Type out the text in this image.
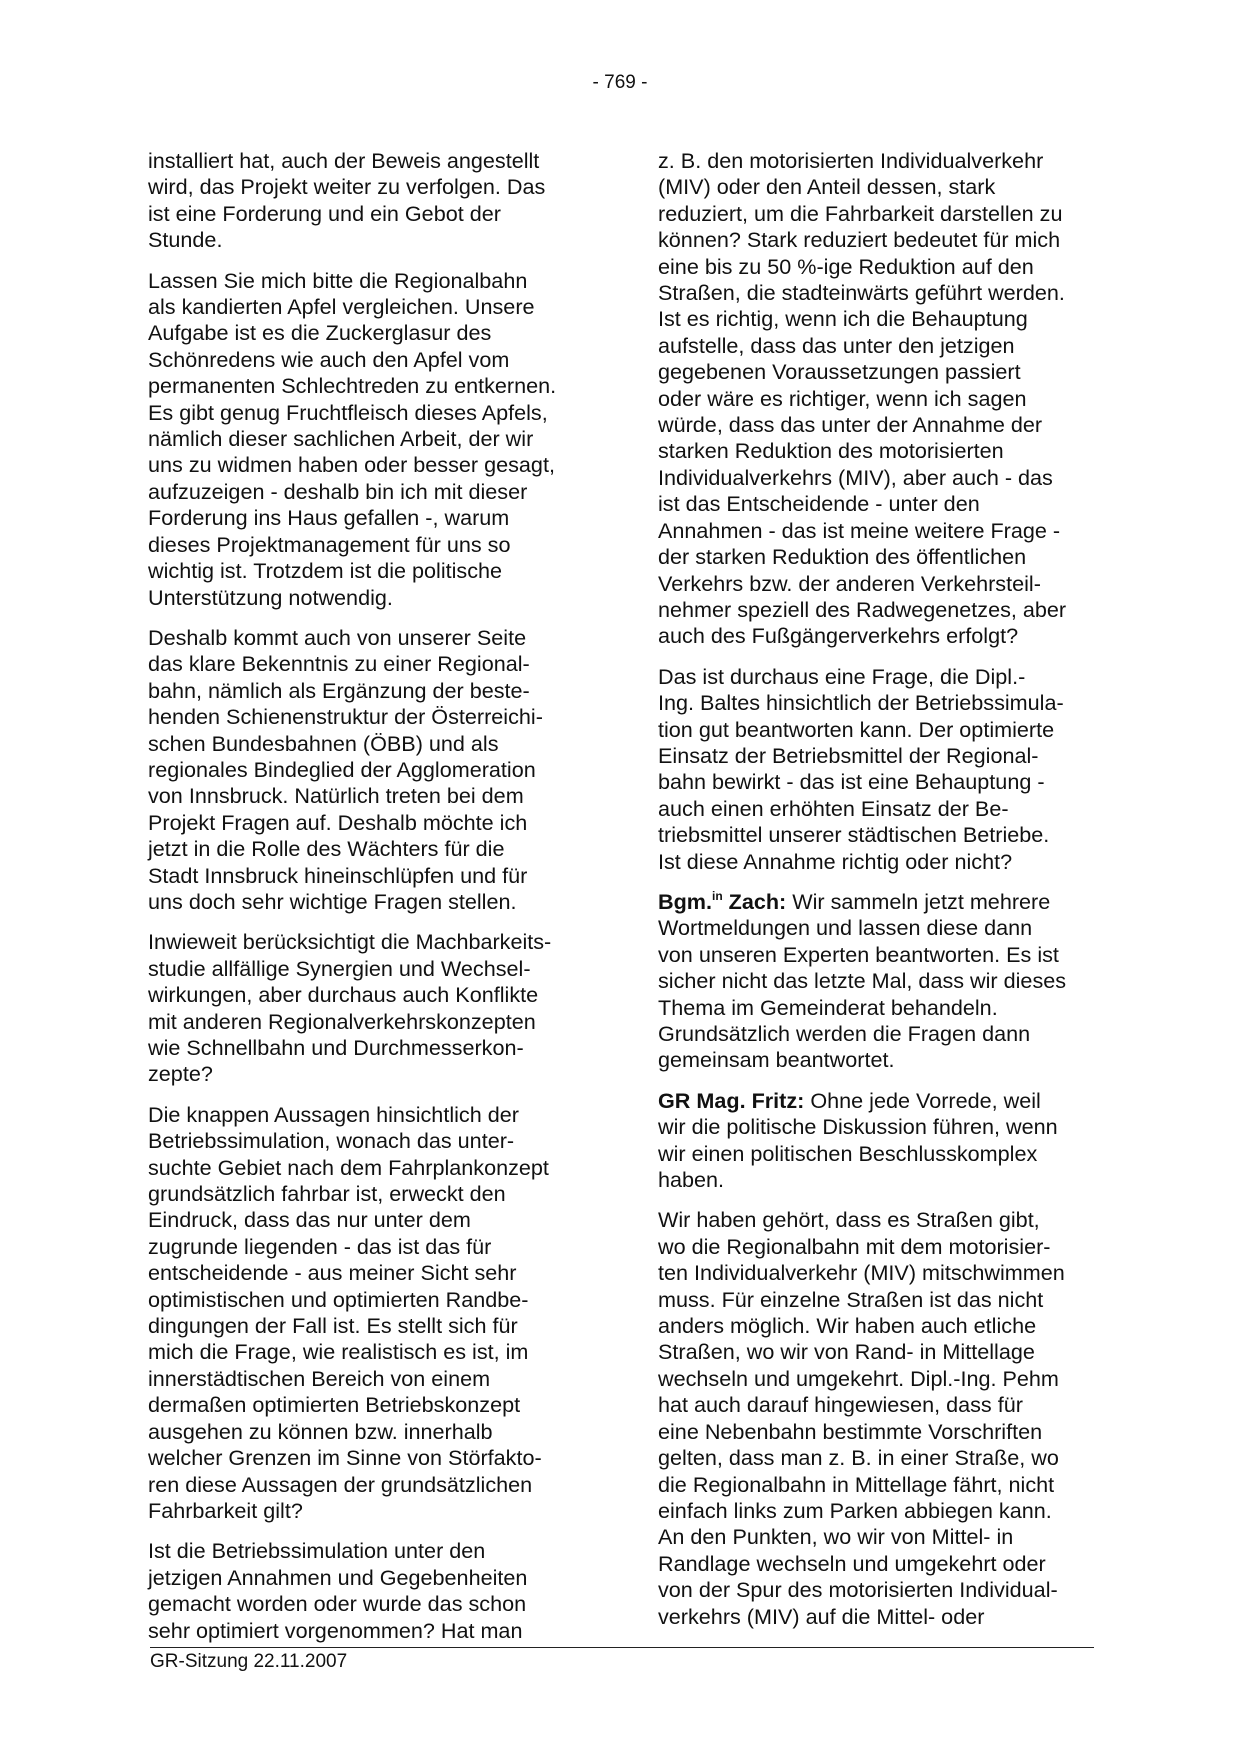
- 769 -

installiert hat, auch der Beweis angestellt
wird, das Projekt weiter zu verfolgen. Das
ist eine Forderung und ein Gebot der
Stunde.

Lassen Sie mich bitte die Regionalbahn
als kandierten Apfel vergleichen. Unsere
Aufgabe ist es die Zuckerglasur des
Schönredens wie auch den Apfel vom
permanenten Schlechtreden zu entkernen.
Es gibt genug Fruchtfleisch dieses Apfels,
nämlich dieser sachlichen Arbeit, der wir
uns zu widmen haben oder besser gesagt,
aufzuzeigen - deshalb bin ich mit dieser
Forderung ins Haus gefallen -, warum
dieses Projektmanagement für uns so
wichtig ist. Trotzdem ist die politische
Unterstützung notwendig.

Deshalb kommt auch von unserer Seite
das klare Bekenntnis zu einer Regional-
bahn, nämlich als Ergänzung der beste-
henden Schienenstruktur der Österreichi-
schen Bundesbahnen (ÖBB) und als
regionales Bindeglied der Agglomeration
von Innsbruck. Natürlich treten bei dem
Projekt Fragen auf. Deshalb möchte ich
jetzt in die Rolle des Wächters für die
Stadt Innsbruck hineinschlüpfen und für
uns doch sehr wichtige Fragen stellen.

Inwieweit berücksichtigt die Machbarkeits-
studie allfällige Synergien und Wechsel-
wirkungen, aber durchaus auch Konflikte
mit anderen Regionalverkehrskonzepten
wie Schnellbahn und Durchmesserkon-
zepte?

Die knappen Aussagen hinsichtlich der
Betriebssimulation, wonach das unter-
suchte Gebiet nach dem Fahrplankonzept
grundsätzlich fahrbar ist, erweckt den
Eindruck, dass das nur unter dem
zugrunde liegenden - das ist das für
entscheidende - aus meiner Sicht sehr
optimistischen und optimierten Randbe-
dingungen der Fall ist. Es stellt sich für
mich die Frage, wie realistisch es ist, im
innerstädtischen Bereich von einem
dermaßen optimierten Betriebskonzept
ausgehen zu können bzw. innerhalb
welcher Grenzen im Sinne von Störfakto-
ren diese Aussagen der grundsätzlichen
Fahrbarkeit gilt?

Ist die Betriebssimulation unter den
jetzigen Annahmen und Gegebenheiten
gemacht worden oder wurde das schon
sehr optimiert vorgenommen? Hat man

z. B. den motorisierten Individualverkehr
(MIV) oder den Anteil dessen, stark
reduziert, um die Fahrbarkeit darstellen zu
können? Stark reduziert bedeutet für mich
eine bis zu 50 %-ige Reduktion auf den
Straßen, die stadteinwärts geführt werden.
Ist es richtig, wenn ich die Behauptung
aufstelle, dass das unter den jetzigen
gegebenen Voraussetzungen passiert
oder wäre es richtiger, wenn ich sagen
würde, dass das unter der Annahme der
starken Reduktion des motorisierten
Individualverkehrs (MIV), aber auch - das
ist das Entscheidende - unter den
Annahmen - das ist meine weitere Frage -
der starken Reduktion des öffentlichen
Verkehrs bzw. der anderen Verkehrsteil-
nehmer speziell des Radwegenetzes, aber
auch des Fußgängerverkehrs erfolgt?

Das ist durchaus eine Frage, die Dipl.-
Ing. Baltes hinsichtlich der Betriebssimula-
tion gut beantworten kann. Der optimierte
Einsatz der Betriebsmittel der Regional-
bahn bewirkt - das ist eine Behauptung -
auch einen erhöhten Einsatz der Be-
triebsmittel unserer städtischen Betriebe.
Ist diese Annahme richtig oder nicht?

Bgm.$^{in}$ Zach: Wir sammeln jetzt mehrere
Wortmeldungen und lassen diese dann
von unseren Experten beantworten. Es ist
sicher nicht das letzte Mal, dass wir dieses
Thema im Gemeinderat behandeln.
Grundsätzlich werden die Fragen dann
gemeinsam beantwortet.

GR Mag. Fritz: Ohne jede Vorrede, weil
wir die politische Diskussion führen, wenn
wir einen politischen Beschlusskomplex
haben.

Wir haben gehört, dass es Straßen gibt,
wo die Regionalbahn mit dem motorisier-
ten Individualverkehr (MIV) mitschwimmen
muss. Für einzelne Straßen ist das nicht
anders möglich. Wir haben auch etliche
Straßen, wo wir von Rand- in Mittellage
wechseln und umgekehrt. Dipl.-Ing. Pehm
hat auch darauf hingewiesen, dass für
eine Nebenbahn bestimmte Vorschriften
gelten, dass man z. B. in einer Straße, wo
die Regionalbahn in Mittellage fährt, nicht
einfach links zum Parken abbiegen kann.
An den Punkten, wo wir von Mittel- in
Randlage wechseln und umgekehrt oder
von der Spur des motorisierten Individual-
verkehrs (MIV) auf die Mittel- oder

GR-Sitzung 22.11.2007
